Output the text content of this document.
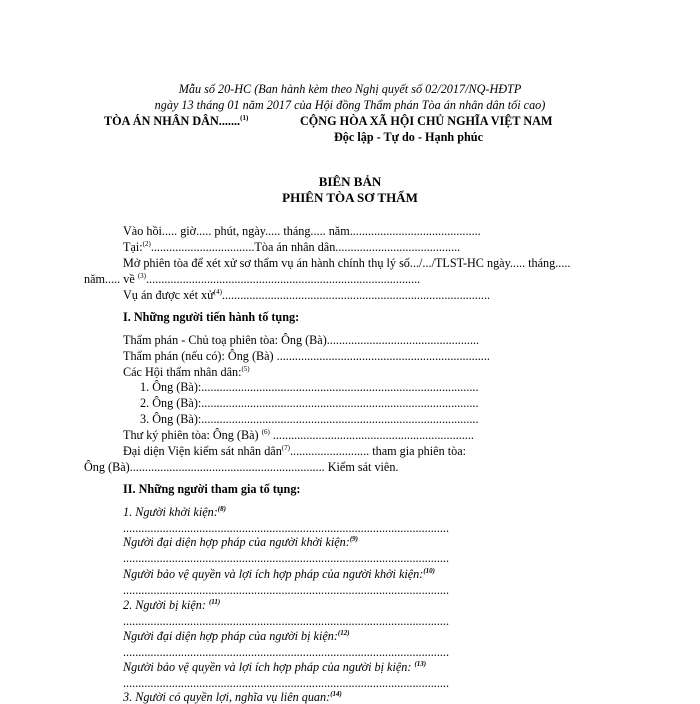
Mẫu số 20-HC (Ban hành kèm theo Nghị quyết số 02/2017/NQ-HĐTP
ngày 13 tháng 01 năm 2017 của Hội đồng Thẩm phán Tòa án nhân dân tối cao)
TÒA ÁN NHÂN DÂN.......$^{(1)}$	CỘNG HÒA XÃ HỘI CHỦ NGHĨA VIỆT NAM
Độc lập - Tự do - Hạnh phúc
BIÊN BẢN
PHIÊN TÒA SƠ THẨM
Vào hồi..... giờ..... phút, ngày..... tháng..... năm...........................................
Tại:$^{(2)}$..................................Tòa án nhân dân.........................................
Mở phiên tòa để xét xử sơ thẩm vụ án hành chính thụ lý số.../.../TLST-HC ngày..... tháng.....
năm..... về $^{(3)}$..........................................................................................
Vụ án được xét xử$^{(4)}$........................................................................................
I. Những người tiến hành tố tụng:
Thẩm phán - Chủ toạ phiên tòa: Ông (Bà)..................................................
Thẩm phán (nếu có): Ông (Bà) ......................................................................
Các Hội thẩm nhân dân:$^{(5)}$
1. Ông (Bà):...........................................................................................
2. Ông (Bà):...........................................................................................
3. Ông (Bà):...........................................................................................
Thư ký phiên tòa: Ông (Bà) $^{(6)}$ ..................................................................
Đại diện Viện kiểm sát nhân dân$^{(7)}$.......................... tham gia phiên tòa:
Ông (Bà)................................................................ Kiểm sát viên.
II. Những người tham gia tố tụng:
1. Người khởi kiện:$^{(8)}$
...........................................................................................................
Người đại diện hợp pháp của người khởi kiện:$^{(9)}$
...........................................................................................................
Người bảo vệ quyền và lợi ích hợp pháp của người khởi kiện:$^{(10)}$
...........................................................................................................
2. Người bị kiện: $^{(11)}$
...........................................................................................................
Người đại diện hợp pháp của người bị kiện:$^{(12)}$
...........................................................................................................
Người bảo vệ quyền và lợi ích hợp pháp của người bị kiện: $^{(13)}$
...........................................................................................................
3. Người có quyền lợi, nghĩa vụ liên quan:$^{(14)}$
